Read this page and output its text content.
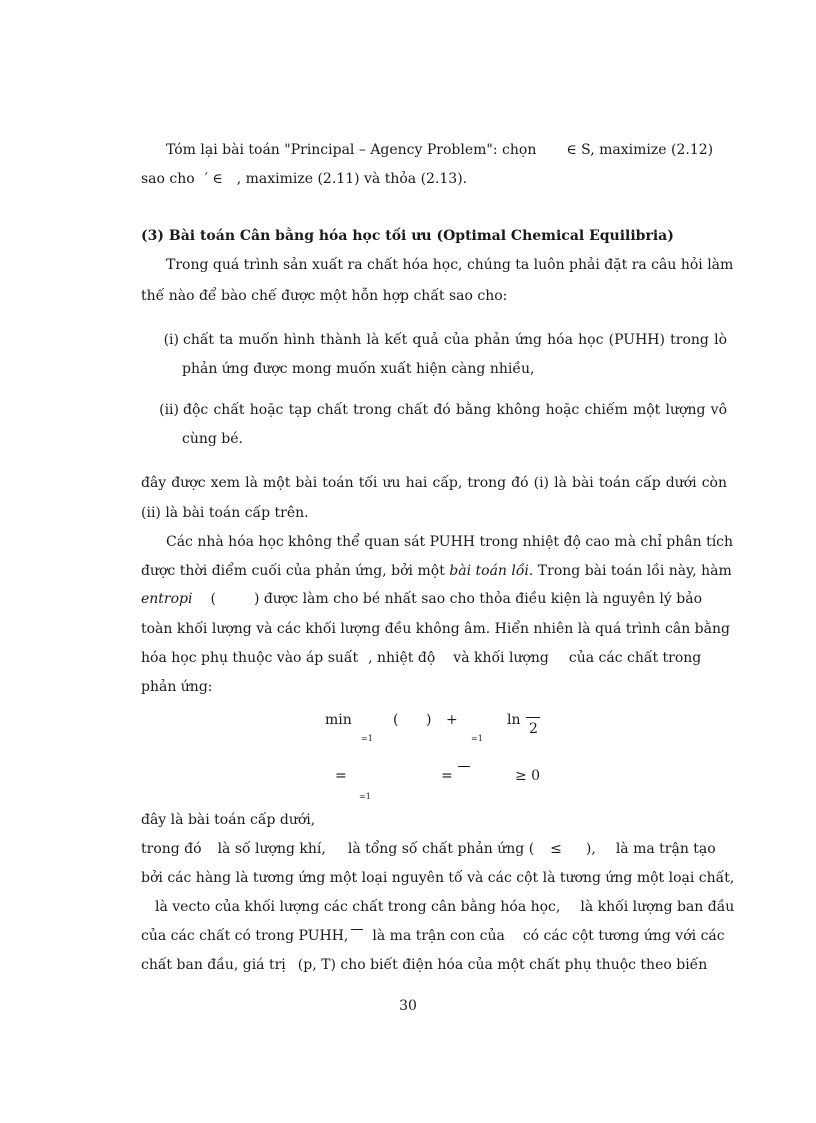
Tóm lại bài toán "Principal – Agency Problem": chọn ∈ S, maximize (2.12)
sao cho ′ ∈ , maximize (2.11) và thỏa (2.13).
(3) Bài toán Cân bằng hóa học tối ưu (Optimal Chemical Equilibria)
Trong quá trình sản xuất ra chất hóa học, chúng ta luôn phải đặt ra câu hỏi làm
thế nào để bào chế được một hỗn hợp chất sao cho:
(i) chất ta muốn hình thành là kết quả của phản ứng hóa học (PUHH) trong lò
phản ứng được mong muốn xuất hiện càng nhiều,
(ii) độc chất hoặc tạp chất trong chất đó bằng không hoặc chiếm một lượng vô
cùng bé.
đây được xem là một bài toán tối ưu hai cấp, trong đó (i) là bài toán cấp dưới còn
(ii) là bài toán cấp trên.
Các nhà hóa học không thể quan sát PUHH trong nhiệt độ cao mà chỉ phân tích
được thời điểm cuối của phản ứng, bởi một bài toán lồi. Trong bài toán lồi này, hàm
entropi (	) được làm cho bé nhất sao cho thỏa điều kiện là nguyên lý bảo
toàn khối lượng và các khối lượng đều không âm. Hiển nhiên là quá trình cân bằng
hóa học phụ thuộc vào áp suất , nhiệt độ và khối lượng của các chất trong
phản ứng:
min	( ) +	ln
2
=1	=1
=	=	≥ 0
=1
đây là bài toán cấp dưới,
trong đó là số lượng khí, là tổng số chất phản ứng ( ≤ ), là ma trận tạo
bởi các hàng là tương ứng một loại nguyên tố và các cột là tương ứng một loại chất,
là vecto của khối lượng các chất trong cân bằng hóa học, là khối lượng ban đầu
của các chất có trong PUHH, là ma trận con của có các cột tương ứng với các
chất ban đầu, giá trị (p, T) cho biết điện hóa của một chất phụ thuộc theo biến
30
